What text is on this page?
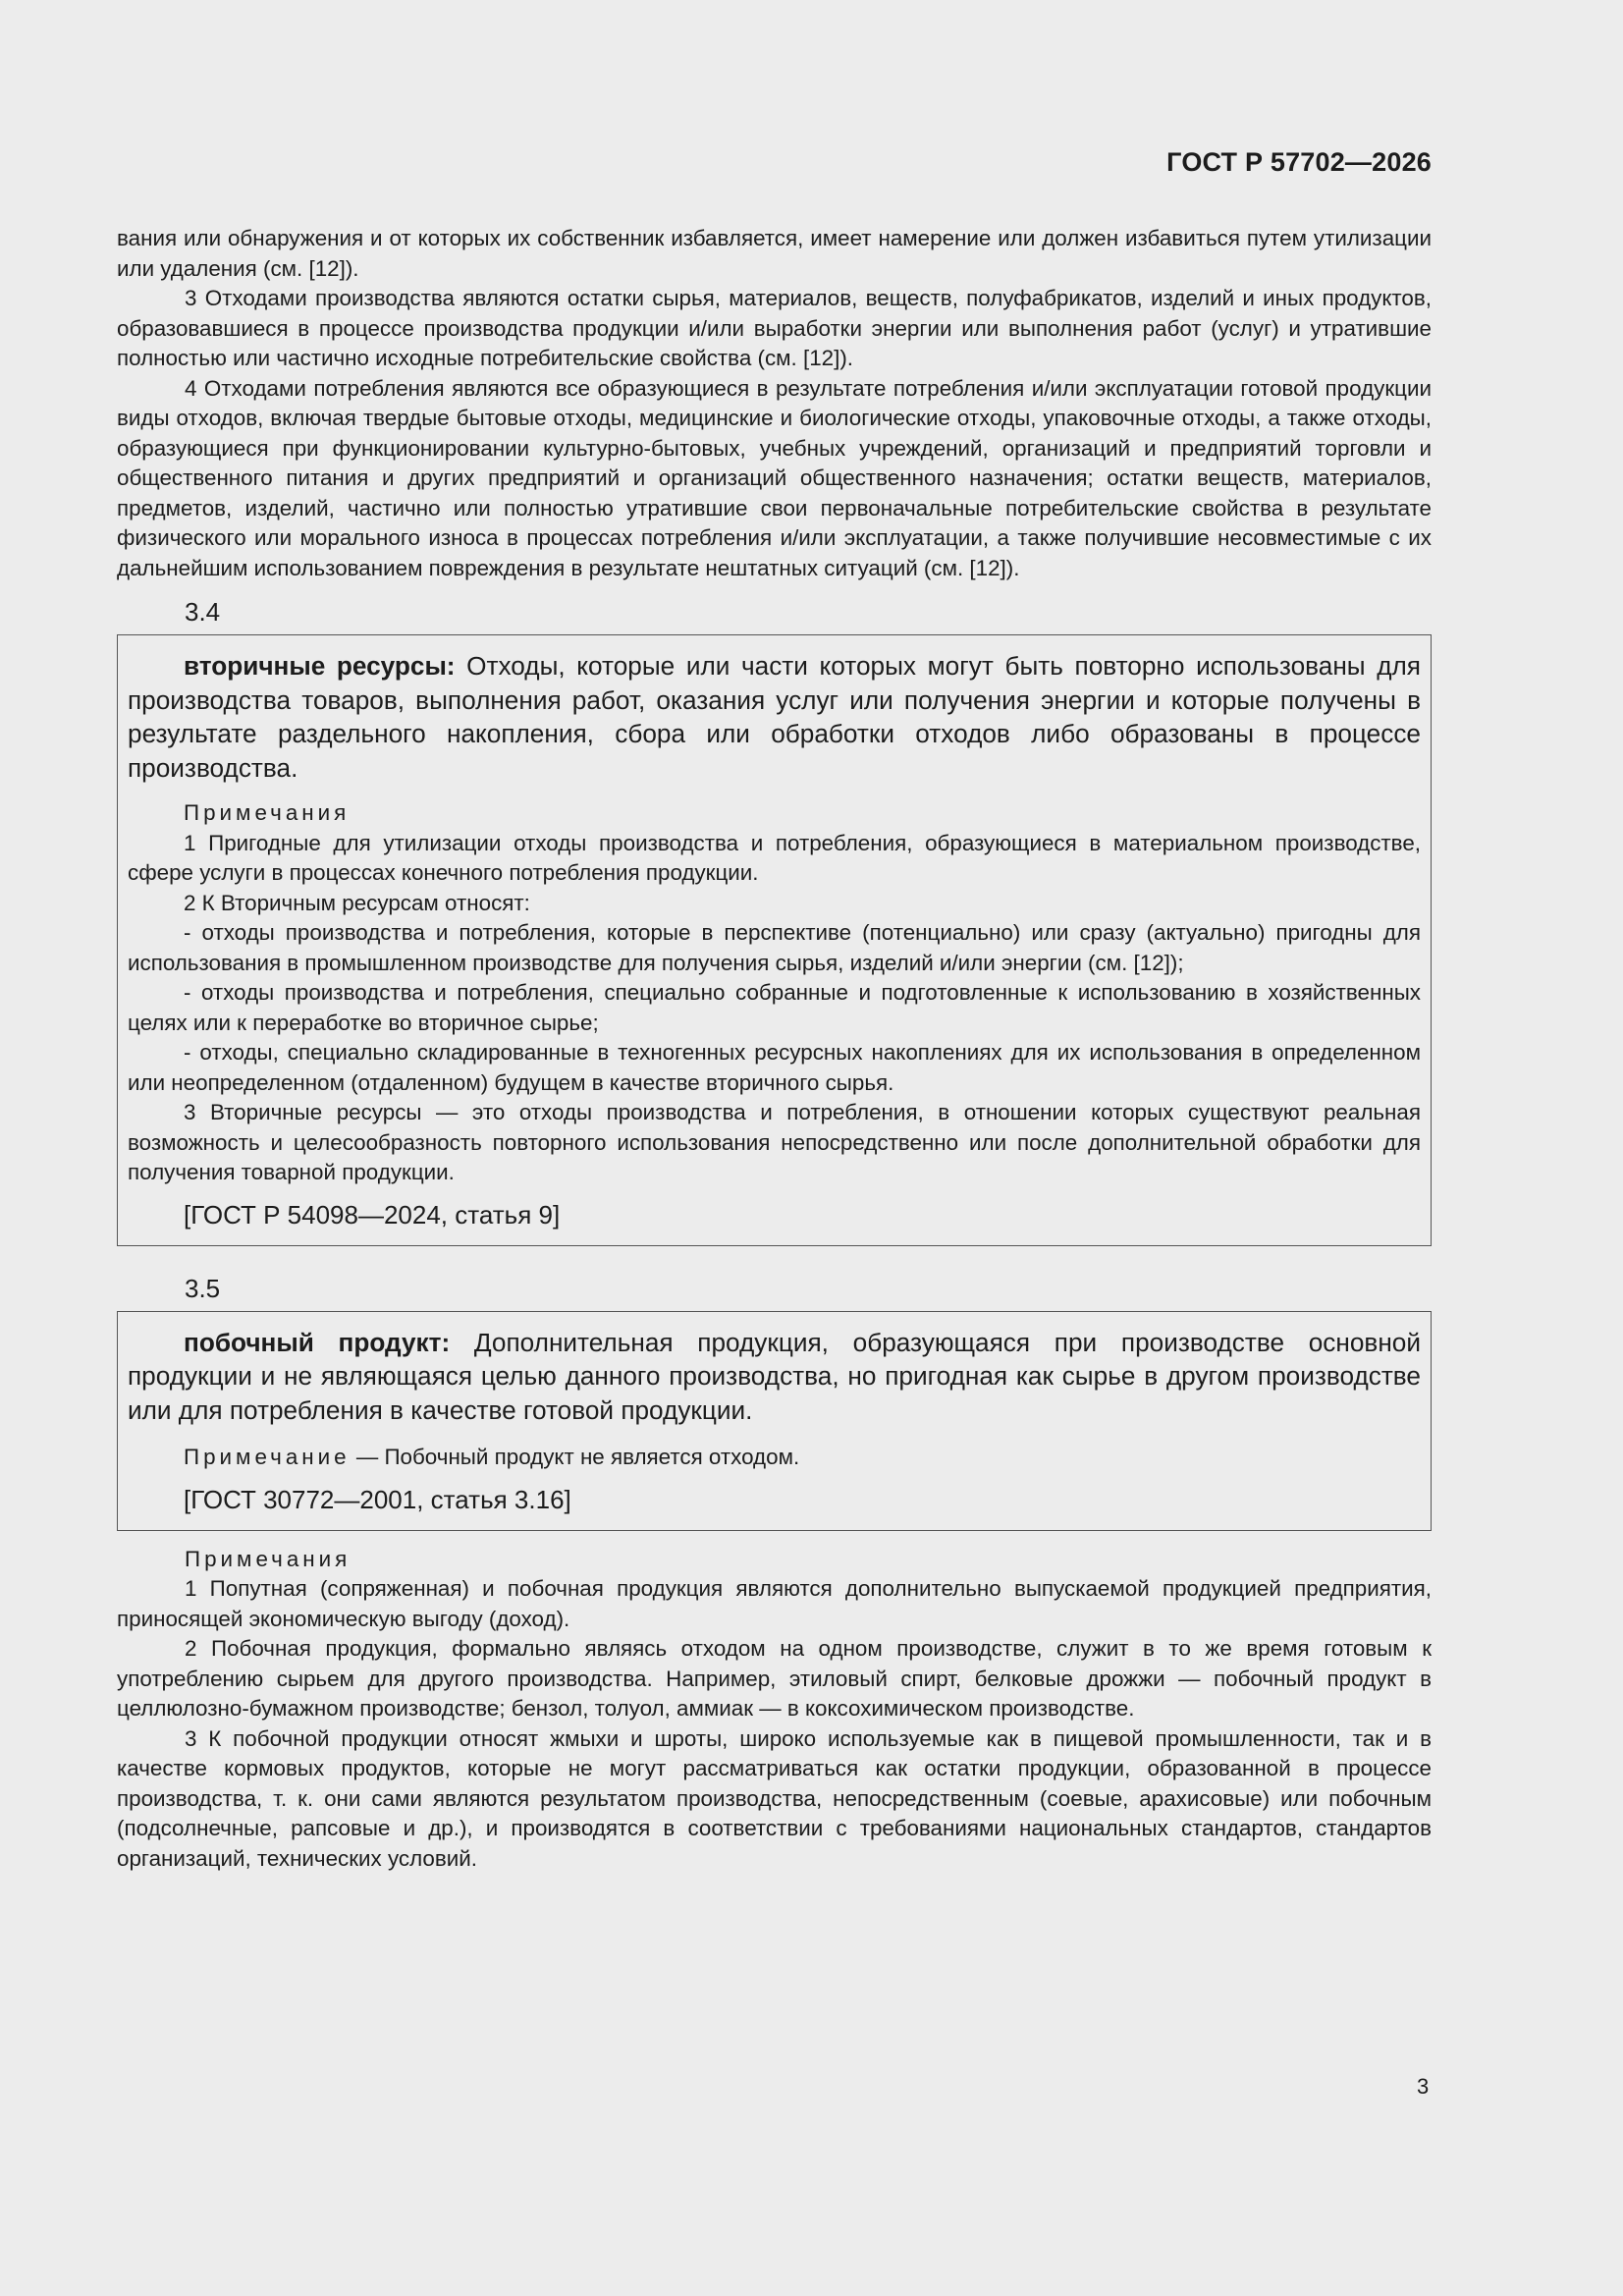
ГОСТ Р 57702—2026

вания или обнаружения и от которых их собственник избавляется, имеет намерение или должен избавиться путем утилизации или удаления (см. [12]).

3 Отходами производства являются остатки сырья, материалов, веществ, полуфабрикатов, изделий и иных продуктов, образовавшиеся в процессе производства продукции и/или выработки энергии или выполнения работ (услуг) и утратившие полностью или частично исходные потребительские свойства (см. [12]).

4 Отходами потребления являются все образующиеся в результате потребления и/или эксплуатации готовой продукции виды отходов, включая твердые бытовые отходы, медицинские и биологические отходы, упаковочные отходы, а также отходы, образующиеся при функционировании культурно-бытовых, учебных учреждений, организаций и предприятий торговли и общественного питания и других предприятий и организаций общественного назначения; остатки веществ, материалов, предметов, изделий, частично или полностью утратившие свои первоначальные потребительские свойства в результате физического или морального износа в процессах потребления и/или эксплуатации, а также получившие несовместимые с их дальнейшим использованием повреждения в результате нештатных ситуаций (см. [12]).

3.4

вторичные ресурсы: Отходы, которые или части которых могут быть повторно использованы для производства товаров, выполнения работ, оказания услуг или получения энергии и которые получены в результате раздельного накопления, сбора или обработки отходов либо образованы в процессе производства.

Примечания

1 Пригодные для утилизации отходы производства и потребления, образующиеся в материальном производстве, сфере услуги в процессах конечного потребления продукции.

2 К Вторичным ресурсам относят:

- отходы производства и потребления, которые в перспективе (потенциально) или сразу (актуально) пригодны для использования в промышленном производстве для получения сырья, изделий и/или энергии (см. [12]);

- отходы производства и потребления, специально собранные и подготовленные к использованию в хозяйственных целях или к переработке во вторичное сырье;

- отходы, специально складированные в техногенных ресурсных накоплениях для их использования в определенном или неопределенном (отдаленном) будущем в качестве вторичного сырья.

3 Вторичные ресурсы — это отходы производства и потребления, в отношении которых существуют реальная возможность и целесообразность повторного использования непосредственно или после дополнительной обработки для получения товарной продукции.

[ГОСТ Р 54098—2024, статья 9]
3.5

побочный продукт: Дополнительная продукция, образующаяся при производстве основной продукции и не являющаяся целью данного производства, но пригодная как сырье в другом производстве или для потребления в качестве готовой продукции.

Примечание — Побочный продукт не является отходом.
[ГОСТ 30772—2001, статья 3.16]
Примечания

1 Попутная (сопряженная) и побочная продукция являются дополнительно выпускаемой продукцией предприятия, приносящей экономическую выгоду (доход).

2 Побочная продукция, формально являясь отходом на одном производстве, служит в то же время готовым к употреблению сырьем для другого производства. Например, этиловый спирт, белковые дрожжи — побочный продукт в целлюлозно-бумажном производстве; бензол, толуол, аммиак — в коксохимическом производстве.

3 К побочной продукции относят жмыхи и шроты, широко используемые как в пищевой промышленности, так и в качестве кормовых продуктов, которые не могут рассматриваться как остатки продукции, образованной в процессе производства, т. к. они сами являются результатом производства, непосредственным (соевые, арахисовые) или побочным (подсолнечные, рапсовые и др.), и производятся в соответствии с требованиями национальных стандартов, стандартов организаций, технических условий.

3
